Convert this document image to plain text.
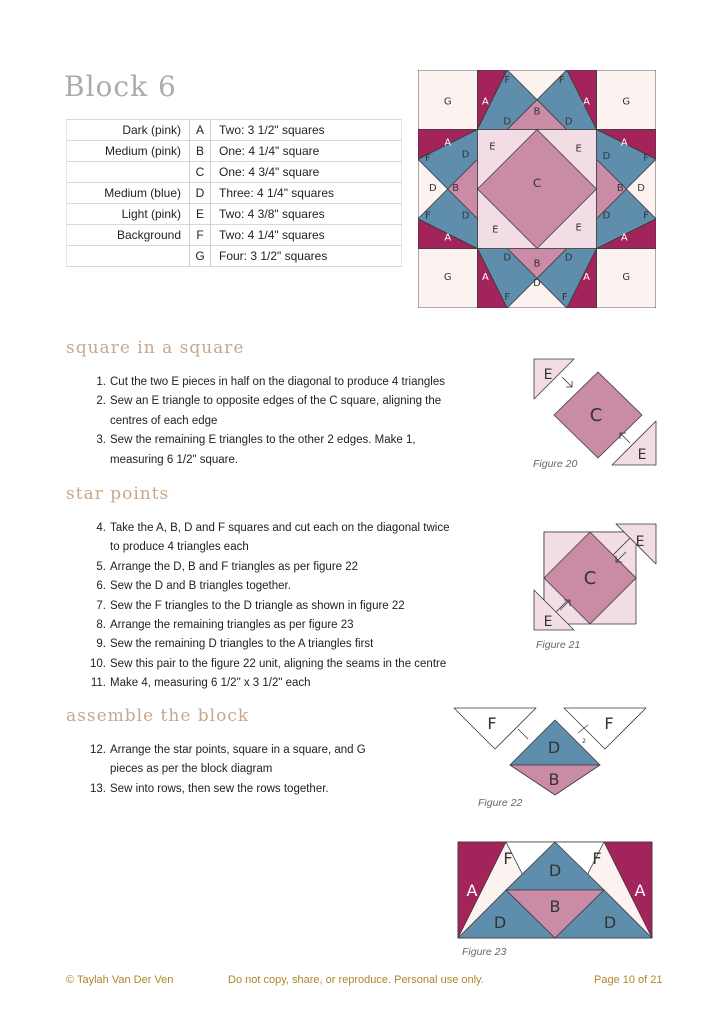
Block 6
Dark (pink)	A	Two: 3 1/2" squares
Medium (pink)	B	One: 4 1/4" square
	C	One: 4 3/4" square
Medium (blue)	D	Three: 4 1/4" squares
Light (pink)	E	Two: 4 3/8" squares
Background	F	Two: 4 1/4" squares
	G	Four: 3 1/2" squares
G	G
G	G
F	F
A	A
B
D	D
C
E	E
E	E
A	A
A	A
F	F
F	F
D	D
D	D
D	D
B	B
D	D
B
A	A
D
F	F
square in a square
1. Cut the two E pieces in half on the diagonal to produce 4 triangles
2. Sew an E triangle to opposite edges of the C square, aligning the
centres of each edge
3. Sew the remaining E triangles to the other 2 edges. Make 1,
measuring 6 1/2" square.
E
C
E
Figure 20
star points
4. Take the A, B, D and F squares and cut each on the diagonal twice
to produce 4 triangles each
5. Arrange the D, B and F triangles as per figure 22
6. Sew the D and B triangles together.
7. Sew the F triangles to the D triangle as shown in figure 22
8. Arrange the remaining triangles as per figure 23
9. Sew the remaining D triangles to the A triangles first
10. Sew this pair to the figure 22 unit, aligning the seams in the centre
11. Make 4, measuring 6 1/2" x 3 1/2" each
E
C
E
Figure 21
assemble the block
12. Arrange the star points, square in a square, and G
pieces as per the block diagram
13. Sew into rows, then sew the rows together.
F	F
D
B
2
Figure 22
F	F
D
B
A	A
D	D
Figure 23
© Taylah Van Der Ven	Do not copy, share, or reproduce. Personal use only.	Page 10 of 21
